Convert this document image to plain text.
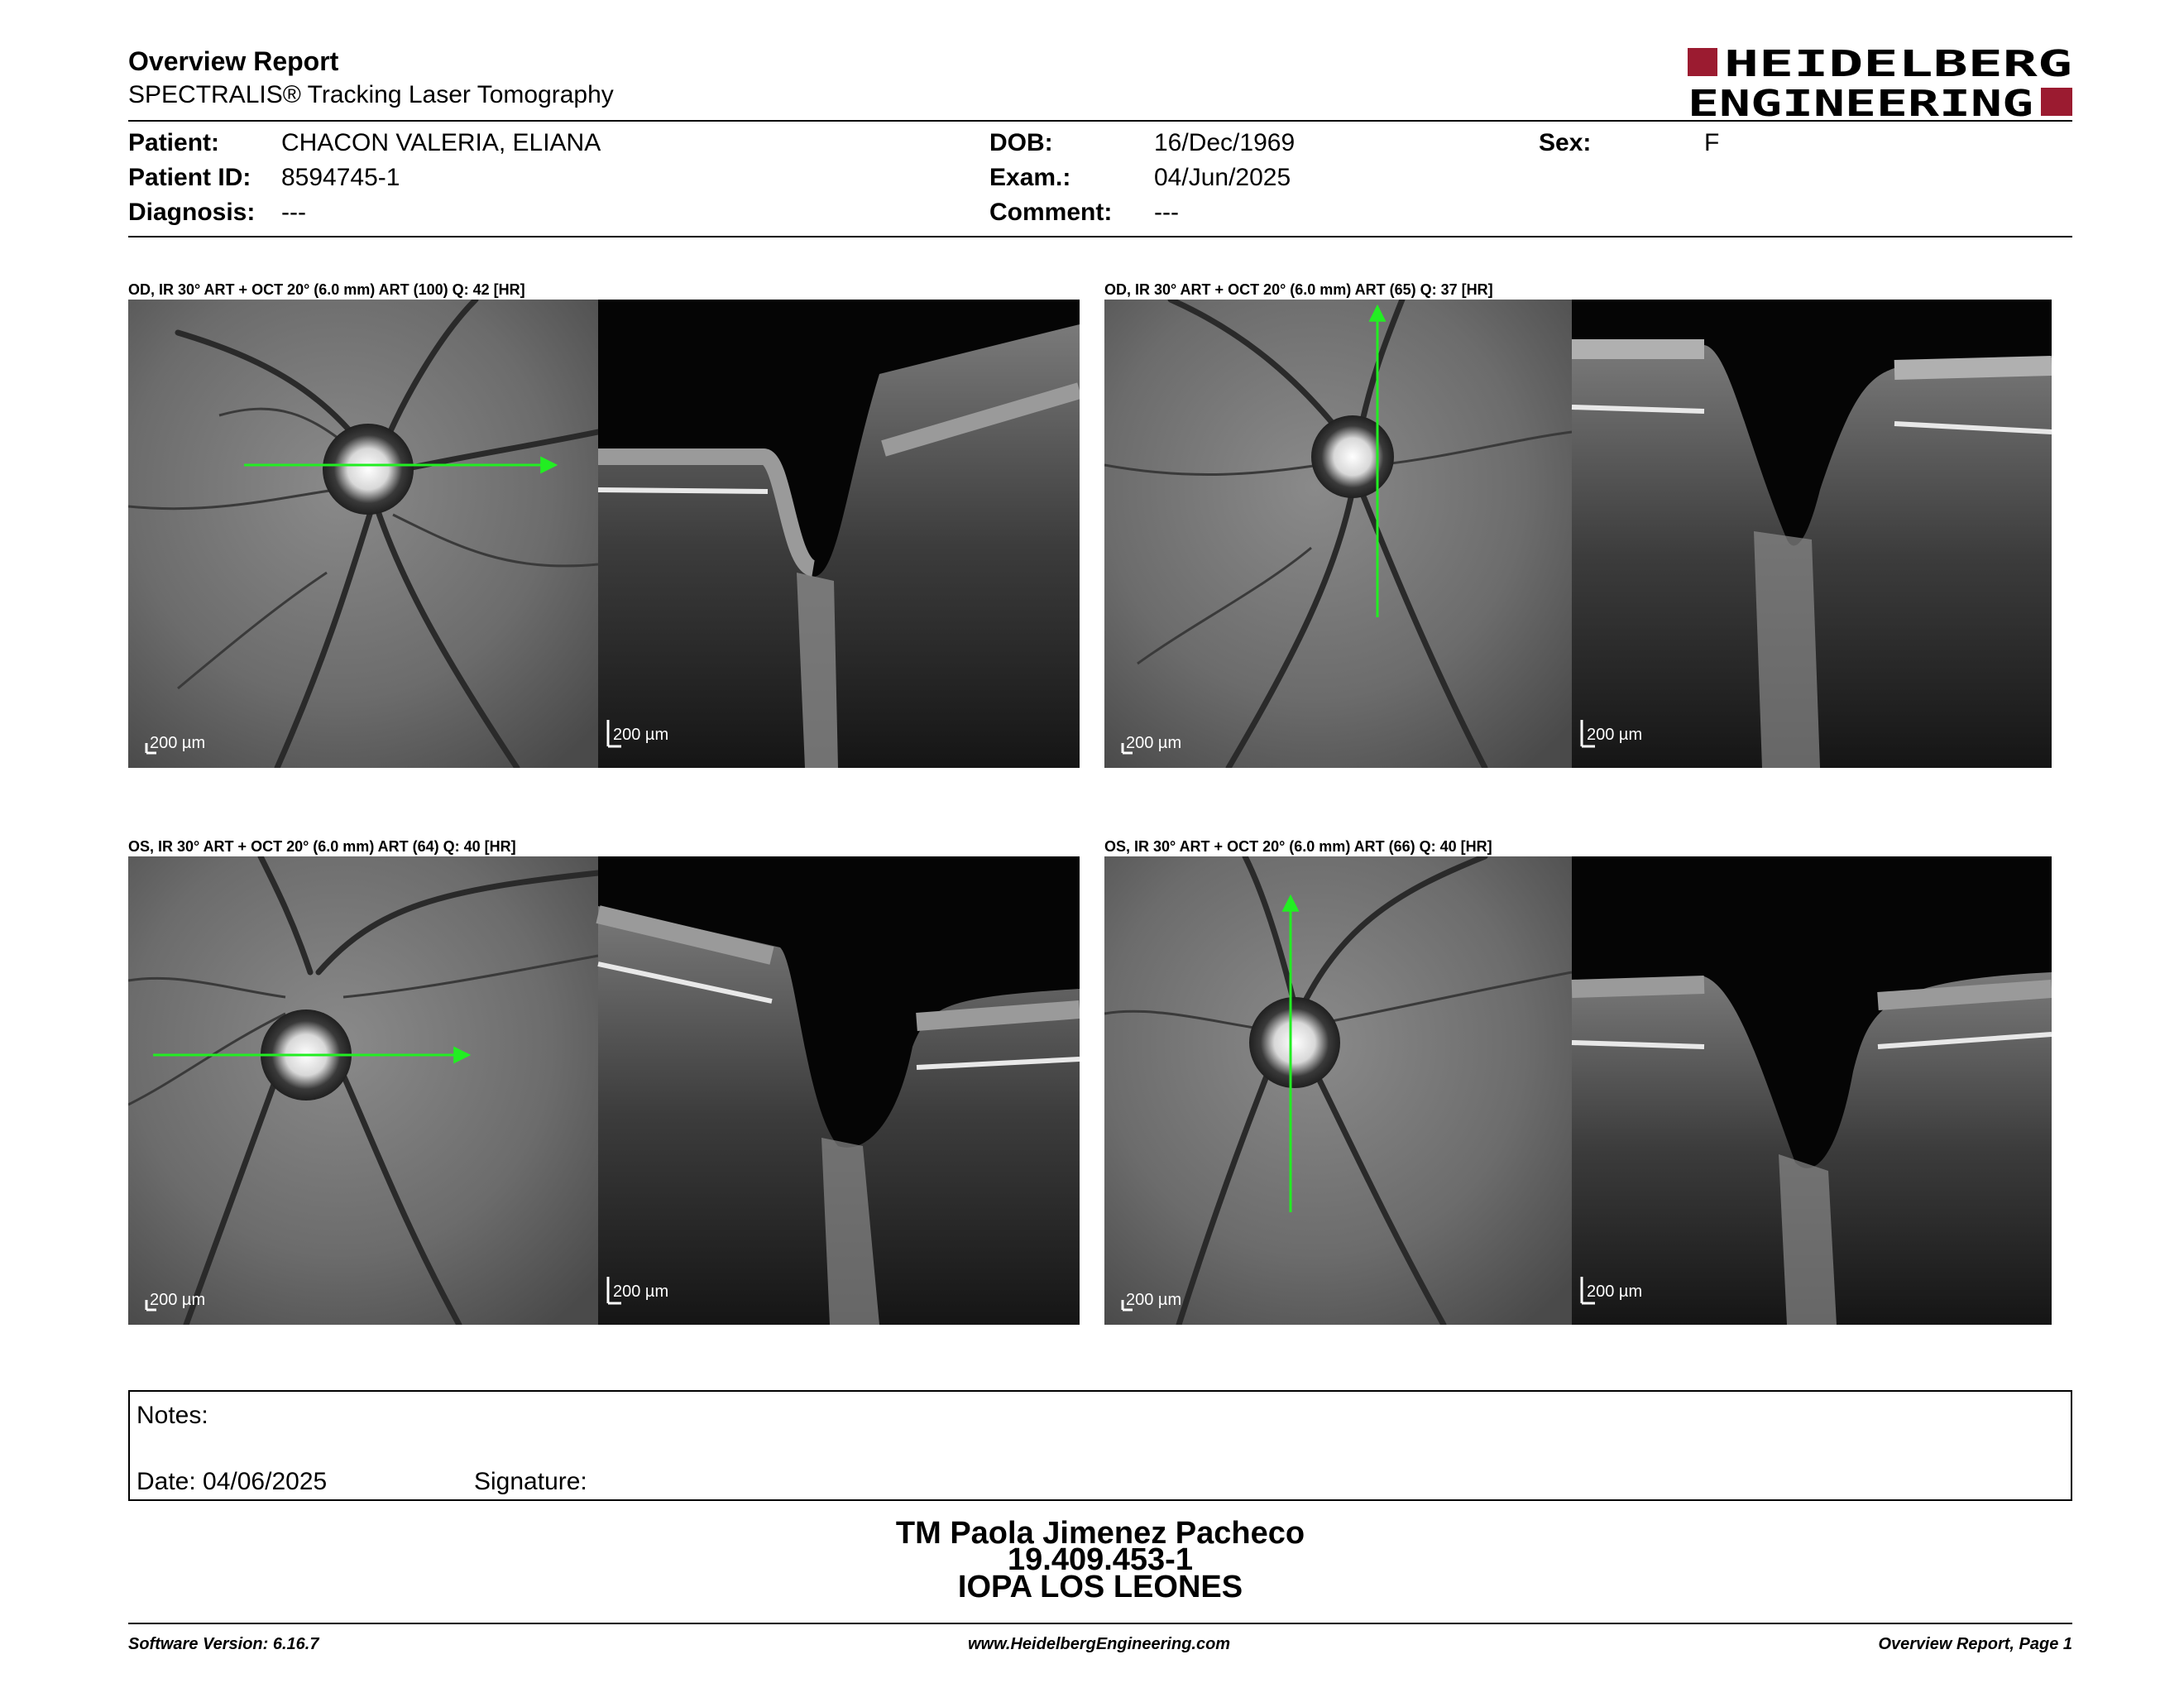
Overview Report
SPECTRALIS® Tracking Laser Tomography
HEIDELBERG
ENGINEERING
Patient: CHACON VALERIA, ELIANA
Patient ID: 8594745-1
Diagnosis: ---
DOB:	16/Dec/1969
Exam.:	04/Jun/2025
Comment: ---
Sex:	F
OD, IR 30° ART + OCT 20° (6.0 mm) ART (100) Q: 42 [HR]
200 µm	200 µm
OD, IR 30° ART + OCT 20° (6.0 mm) ART (65) Q: 37 [HR]
200 µm	200 µm
OS, IR 30° ART + OCT 20° (6.0 mm) ART (64) Q: 40 [HR]
200 µm	200 µm
OS, IR 30° ART + OCT 20° (6.0 mm) ART (66) Q: 40 [HR]
200 µm	200 µm
Notes:
Date: 04/06/2025	Signature:
TM Paola Jimenez Pacheco
19.409.453-1
IOPA LOS LEONES
Software Version: 6.16.7	www.HeidelbergEngineering.com	Overview Report, Page 1
